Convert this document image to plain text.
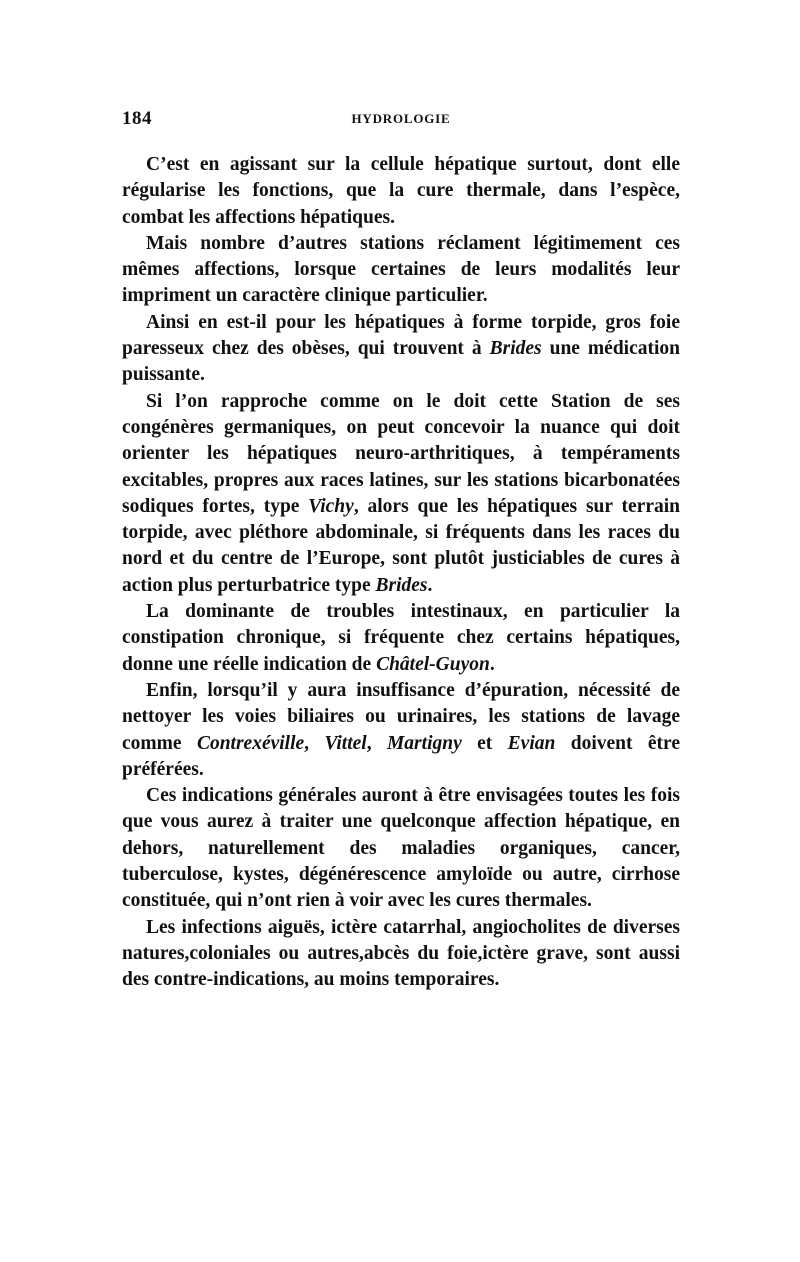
184	HYDROLOGIE

C’est en agissant sur la cellule hépatique surtout, dont elle régularise les fonctions, que la cure thermale, dans l’espèce, combat les affections hépatiques.

Mais nombre d’autres stations réclament légitimement ces mêmes affections, lorsque certaines de leurs modalités leur impriment un caractère clinique particulier.

Ainsi en est-il pour les hépatiques à forme torpide, gros foie paresseux chez des obèses, qui trouvent à Brides une médication puissante.

Si l’on rapproche comme on le doit cette Station de ses congénères germaniques, on peut concevoir la nuance qui doit orienter les hépatiques neuro-arthritiques, à tempéraments excitables, propres aux races latines, sur les stations bicarbonatées sodiques fortes, type Vichy, alors que les hépatiques sur terrain torpide, avec pléthore abdominale, si fréquents dans les races du nord et du centre de l’Europe, sont plutôt justiciables de cures à action plus perturbatrice type Brides.

La dominante de troubles intestinaux, en particulier la constipation chronique, si fréquente chez certains hépatiques, donne une réelle indication de Châtel-Guyon.

Enfin, lorsqu’il y aura insuffisance d’épuration, nécessité de nettoyer les voies biliaires ou urinaires, les stations de lavage comme Contrexéville, Vittel, Martigny et Evian doivent être préférées.

Ces indications générales auront à être envisagées toutes les fois que vous aurez à traiter une quelconque affection hépatique, en dehors, naturellement des maladies organiques, cancer, tuberculose, kystes, dégénérescence amyloïde ou autre, cirrhose constituée, qui n’ont rien à voir avec les cures thermales.

Les infections aiguës, ictère catarrhal, angiocholites de diverses natures,coloniales ou autres,abcès du foie,ictère grave, sont aussi des contre-indications, au moins temporaires.
